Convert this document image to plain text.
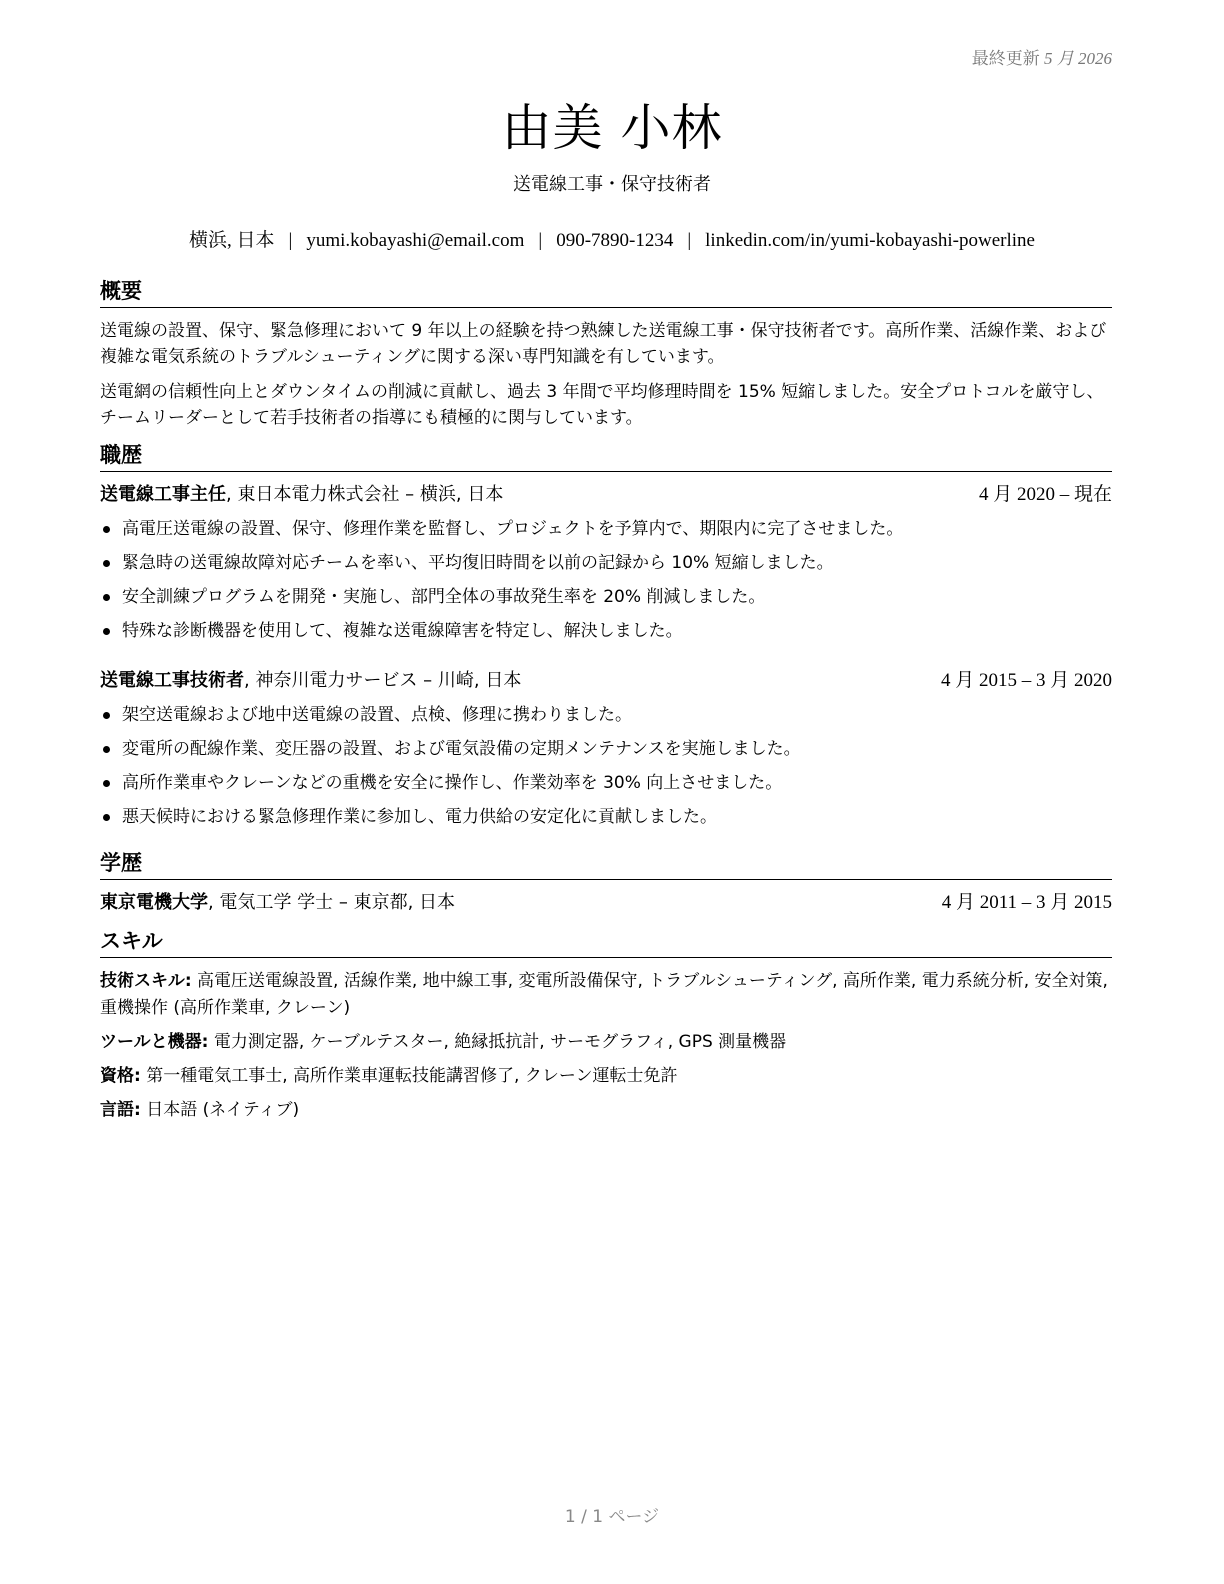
最終更新 5 月 2026
由美 小林
送電線工事・保守技術者
横浜, 日本 | yumi.kobayashi@email.com | 090-7890-1234 | linkedin.com/in/yumi-kobayashi-powerline
概要

送電線の設置、保守、緊急修理において 9 年以上の経験を持つ熟練した送電線工事・保守技術者です。高所作業、活線作業、および複雑な電気系統のトラブルシューティングに関する深い専門知識を有しています。

送電網の信頼性向上とダウンタイムの削減に貢献し、過去 3 年間で平均修理時間を 15% 短縮しました。安全プロトコルを厳守し、チームリーダーとして若手技術者の指導にも積極的に関与しています。

職歴
送電線工事主任, 東日本電力株式会社 – 横浜, 日本	4 月 2020 – 現在
高電圧送電線の設置、保守、修理作業を監督し、プロジェクトを予算内で、期限内に完了させました。
緊急時の送電線故障対応チームを率い、平均復旧時間を以前の記録から 10% 短縮しました。
安全訓練プログラムを開発・実施し、部門全体の事故発生率を 20% 削減しました。
特殊な診断機器を使用して、複雑な送電線障害を特定し、解決しました。
送電線工事技術者, 神奈川電力サービス – 川崎, 日本	4 月 2015 – 3 月 2020
架空送電線および地中送電線の設置、点検、修理に携わりました。
変電所の配線作業、変圧器の設置、および電気設備の定期メンテナンスを実施しました。
高所作業車やクレーンなどの重機を安全に操作し、作業効率を 30% 向上させました。
悪天候時における緊急修理作業に参加し、電力供給の安定化に貢献しました。
学歴
東京電機大学, 電気工学 学士 – 東京都, 日本	4 月 2011 – 3 月 2015
スキル

技術スキル: 高電圧送電線設置, 活線作業, 地中線工事, 変電所設備保守, トラブルシューティング, 高所作業, 電力系統分析, 安全対策, 重機操作 (高所作業車, クレーン)

ツールと機器: 電力測定器, ケーブルテスター, 絶縁抵抗計, サーモグラフィ, GPS 測量機器

資格: 第一種電気工事士, 高所作業車運転技能講習修了, クレーン運転士免許

言語: 日本語 (ネイティブ)

1 / 1 ページ
